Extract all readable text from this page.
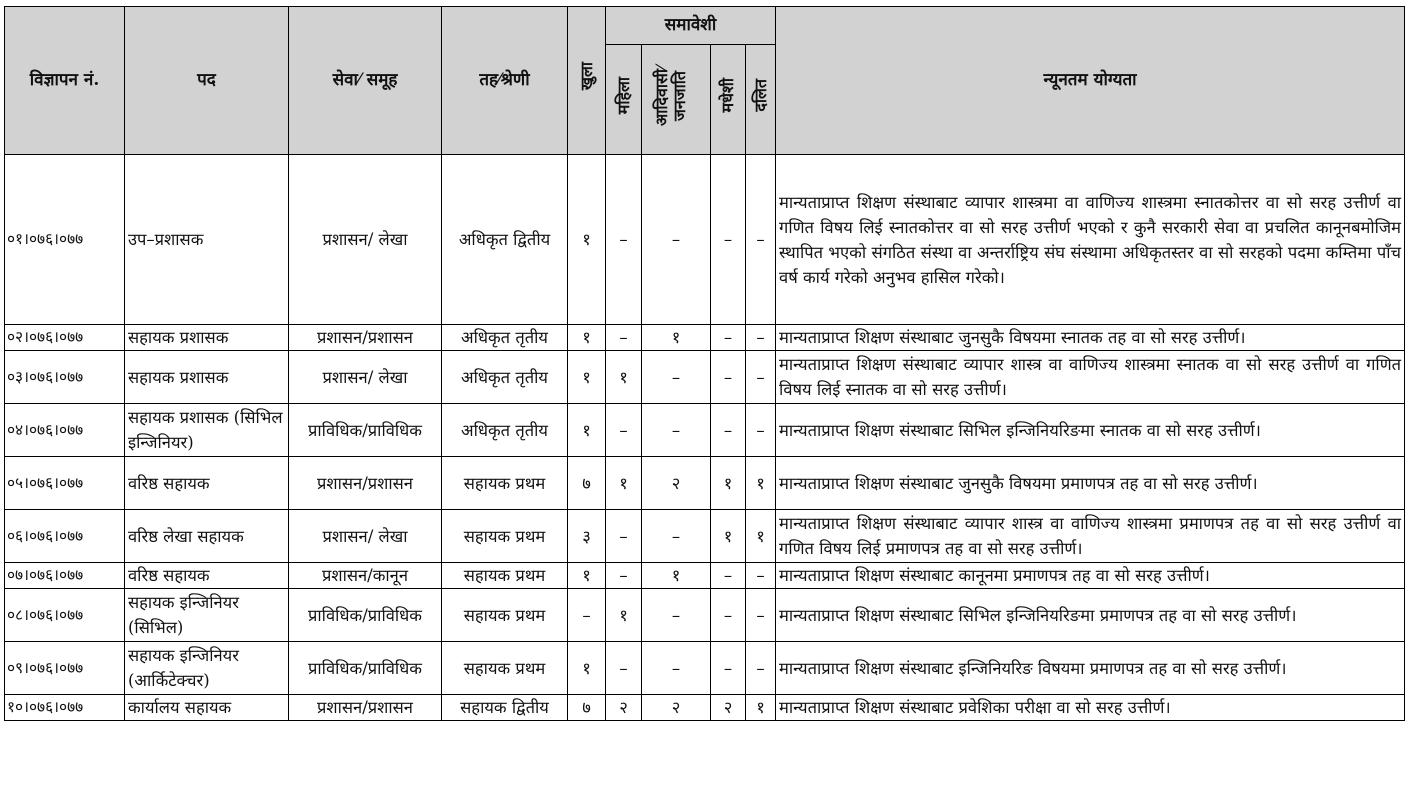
विज्ञापन नं.	पद	सेवा⁄ समूह	तह⁄श्रेणी	खुला	समावेशी				न्यूनतम योग्यता
					महिला	आदिवासी⁄ जनजाति	मधेशी	दलित	
०१।०७६।०७७	उप–प्रशासक	प्रशासन/ लेखा	अधिकृत द्वितीय	१	–	–	–	–	मान्यताप्राप्त शिक्षण संस्थाबाट व्यापार शास्त्रमा वा वाणिज्य शास्त्रमा स्नातकोत्तर वा सो सरह उत्तीर्ण वा गणित विषय लिई स्नातकोत्तर वा सो सरह उत्तीर्ण भएको र कुनै सरकारी सेवा वा प्रचलित कानूनबमोजिम स्थापित भएको संगठित संस्था वा अन्तर्राष्ट्रिय संघ संस्थामा अधिकृतस्तर वा सो सरहको पदमा कम्तिमा पाँच वर्ष कार्य गरेको अनुभव हासिल गरेको।
०२।०७६।०७७	सहायक प्रशासक	प्रशासन/प्रशासन	अधिकृत तृतीय	१	–	१	–	–	मान्यताप्राप्त शिक्षण संस्थाबाट जुनसुकै विषयमा स्नातक तह वा सो सरह उत्तीर्ण।
०३।०७६।०७७	सहायक प्रशासक	प्रशासन/ लेखा	अधिकृत तृतीय	१	१	–	–	–	मान्यताप्राप्त शिक्षण संस्थाबाट व्यापार शास्त्र वा वाणिज्य शास्त्रमा स्नातक वा सो सरह उत्तीर्ण वा गणित विषय लिई स्नातक वा सो सरह उत्तीर्ण।
०४।०७६।०७७	सहायक प्रशासक (सिभिल इन्जिनियर)	प्राविधिक/प्राविधिक	अधिकृत तृतीय	१	–	–	–	–	मान्यताप्राप्त शिक्षण संस्थाबाट सिभिल इन्जिनियरिङमा स्नातक वा सो सरह उत्तीर्ण।
०५।०७६।०७७	वरिष्ठ सहायक	प्रशासन/प्रशासन	सहायक प्रथम	७	१	२	१	१	मान्यताप्राप्त शिक्षण संस्थाबाट जुनसुकै विषयमा प्रमाणपत्र तह वा सो सरह उत्तीर्ण।
०६।०७६।०७७	वरिष्ठ लेखा सहायक	प्रशासन/ लेखा	सहायक प्रथम	३	–	–	१	१	मान्यताप्राप्त शिक्षण संस्थाबाट व्यापार शास्त्र वा वाणिज्य शास्त्रमा प्रमाणपत्र तह वा सो सरह उत्तीर्ण वा गणित विषय लिई प्रमाणपत्र तह वा सो सरह उत्तीर्ण।
०७।०७६।०७७	वरिष्ठ सहायक	प्रशासन/कानून	सहायक प्रथम	१	–	१	–	–	मान्यताप्राप्त शिक्षण संस्थाबाट कानूनमा प्रमाणपत्र तह वा सो सरह उत्तीर्ण।
०८।०७६।०७७	सहायक इन्जिनियर (सिभिल)	प्राविधिक/प्राविधिक	सहायक प्रथम	–	१	–	–	–	मान्यताप्राप्त शिक्षण संस्थाबाट सिभिल इन्जिनियरिङमा प्रमाणपत्र तह वा सो सरह उत्तीर्ण।
०९।०७६।०७७	सहायक इन्जिनियर (आर्किटेक्चर)	प्राविधिक/प्राविधिक	सहायक प्रथम	१	–	–	–	–	मान्यताप्राप्त शिक्षण संस्थाबाट इन्जिनियरिङ विषयमा प्रमाणपत्र तह वा सो सरह उत्तीर्ण।
१०।०७६।०७७	कार्यालय सहायक	प्रशासन/प्रशासन	सहायक द्वितीय	७	२	२	२	१	मान्यताप्राप्त शिक्षण संस्थाबाट प्रवेशिका परीक्षा वा सो सरह उत्तीर्ण।
